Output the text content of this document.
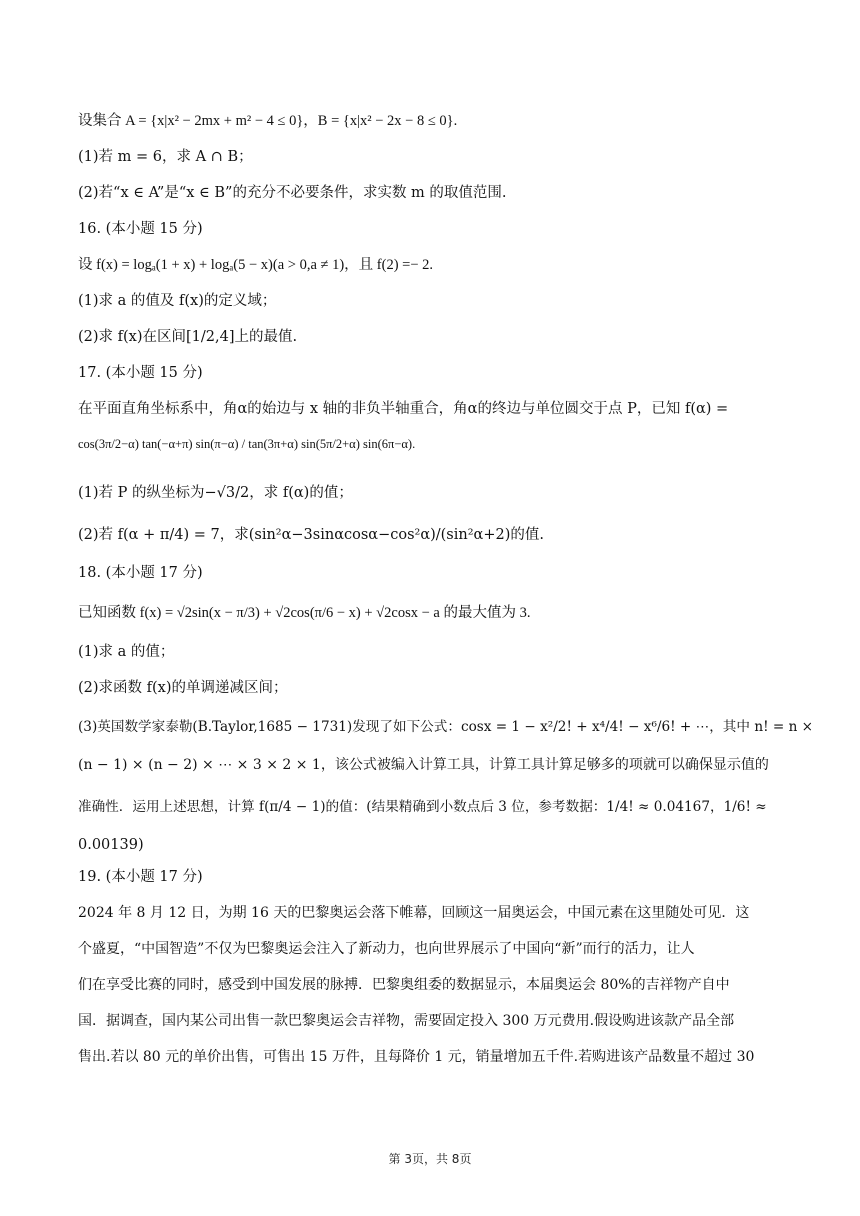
设集合 A = {x|x² − 2mx + m² − 4 ≤ 0}，B = {x|x² − 2x − 8 ≤ 0}.
(1)若 m = 6，求 A ∩ B；
(2)若“x ∈ A”是“x ∈ B”的充分不必要条件，求实数 m 的取值范围.
16. (本小题 15 分)
设 f(x) = logₐ(1 + x) + logₐ(5 − x)(a > 0,a ≠ 1)，且 f(2) =− 2.
(1)求 a 的值及 f(x)的定义域；
(2)求 f(x)在区间[1/2,4]上的最值.
17. (本小题 15 分)
在平面直角坐标系中，角α的始边与 x 轴的非负半轴重合，角α的终边与单位圆交于点 P，已知 f(α) =
cos(3π/2−α) tan(−α+π) sin(π−α) / tan(3π+α) sin(5π/2+α) sin(6π−α).
(1)若 P 的纵坐标为−√3/2，求 f(α)的值；
(2)若 f(α + π/4) = 7，求(sin²α−3sinαcosα−cos²α)/(sin²α+2)的值.
18. (本小题 17 分)
已知函数 f(x) = √2sin(x − π/3) + √2cos(π/6 − x) + √2cosx − a 的最大值为 3.
(1)求 a 的值；
(2)求函数 f(x)的单调递减区间；
(3)英国数学家泰勒(B.Taylor,1685 − 1731)发现了如下公式：cosx = 1 − x²/2! + x⁴/4! − x⁶/6! + ⋯，其中 n! = n ×
(n − 1) × (n − 2) × ⋯ × 3 × 2 × 1，该公式被编入计算工具，计算工具计算足够多的项就可以确保显示值的
准确性．运用上述思想，计算 f(π/4 − 1)的值：(结果精确到小数点后 3 位，参考数据：1/4! ≈ 0.04167，1/6! ≈
0.00139)
19. (本小题 17 分)
2024 年 8 月 12 日，为期 16 天的巴黎奥运会落下帷幕，回顾这一届奥运会，中国元素在这里随处可见．这
个盛夏，“中国智造”不仅为巴黎奥运会注入了新动力，也向世界展示了中国向“新”而行的活力，让人
们在享受比赛的同时，感受到中国发展的脉搏．巴黎奥组委的数据显示，本届奥运会 80%的吉祥物产自中
国．据调查，国内某公司出售一款巴黎奥运会吉祥物，需要固定投入 300 万元费用.假设购进该款产品全部
售出.若以 80 元的单价出售，可售出 15 万件，且每降价 1 元，销量增加五千件.若购进该产品数量不超过 30
第 3页，共 8页
